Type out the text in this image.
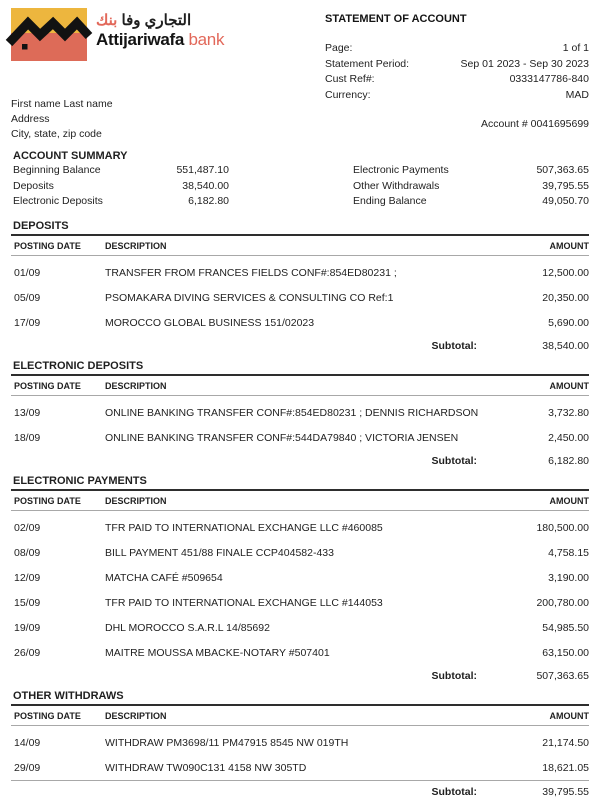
التجاري وفا بنك
Attijariwafa bank
STATEMENT OF ACCOUNT
Page:	1 of 1
Statement Period:	Sep 01 2023 - Sep 30 2023
Cust Ref#:	0333147786-840
Currency:	MAD
First name Last name
Address
City, state, zip code
Account # 0041695699
ACCOUNT SUMMARY
Beginning Balance	551,487.10
Deposits	38,540.00
Electronic Deposits	6,182.80
Electronic Payments	507,363.65
Other Withdrawals	39,795.55
Ending Balance	49,050.70
DEPOSITS
POSTING DATE	DESCRIPTION	AMOUNT
01/09	TRANSFER FROM FRANCES FIELDS CONF#:854ED80231 ;	12,500.00
05/09	PSOMAKARA DIVING SERVICES & CONSULTING CO Ref:1	20,350.00
17/09	MOROCCO GLOBAL BUSINESS 151/02023	5,690.00
Subtotal:	38,540.00
ELECTRONIC DEPOSITS
POSTING DATE	DESCRIPTION	AMOUNT
13/09	ONLINE BANKING TRANSFER CONF#:854ED80231 ; DENNIS RICHARDSON	3,732.80
18/09	ONLINE BANKING TRANSFER CONF#:544DA79840 ; VICTORIA JENSEN	2,450.00
Subtotal:	6,182.80
ELECTRONIC PAYMENTS
POSTING DATE	DESCRIPTION	AMOUNT
02/09	TFR PAID TO INTERNATIONAL EXCHANGE LLC #460085	180,500.00
08/09	BILL PAYMENT 451/88 FINALE CCP404582-433	4,758.15
12/09	MATCHA CAFÉ #509654	3,190.00
15/09	TFR PAID TO INTERNATIONAL EXCHANGE LLC #144053	200,780.00
19/09	DHL MOROCCO S.A.R.L 14/85692	54,985.50
26/09	MAITRE MOUSSA MBACKE-NOTARY #507401	63,150.00
Subtotal:	507,363.65
OTHER WITHDRAWS
POSTING DATE	DESCRIPTION	AMOUNT
14/09	WITHDRAW PM3698/11 PM47915 8545 NW 019TH	21,174.50
29/09	WITHDRAW TW090C131 4158 NW 305TD	18,621.05
Subtotal:	39,795.55
